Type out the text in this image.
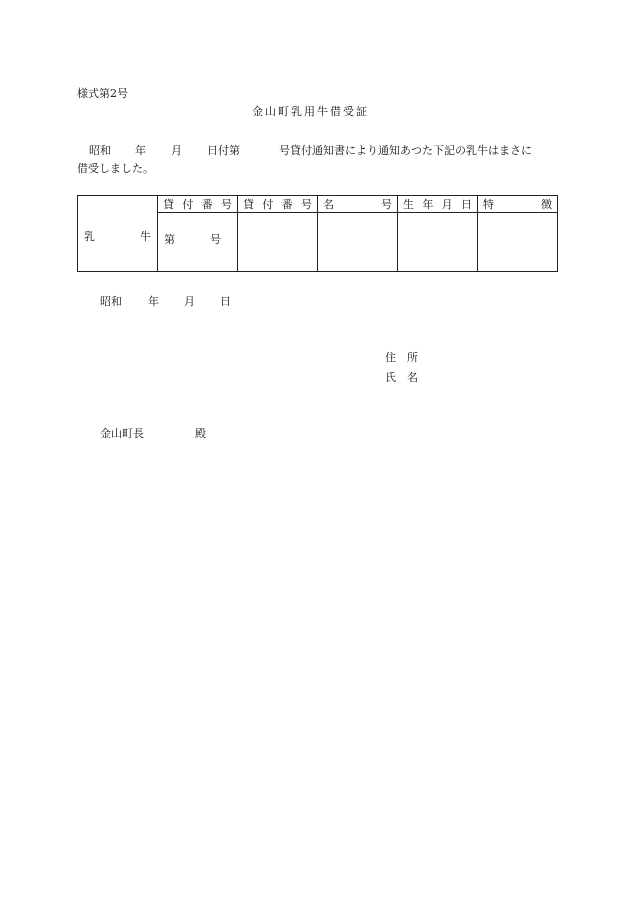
様式第2号
金山町乳用牛借受証
昭和 年 月 日付第	号貸付通知書により通知あつた下記の乳牛はまさに
借受しました。
乳 牛	貸 付 番 号	貸 付 番 号	名 号	生 年 月 日	特 徴

	第 号				

昭和 年 月 日
住　所
氏　名
金山町長	殿
